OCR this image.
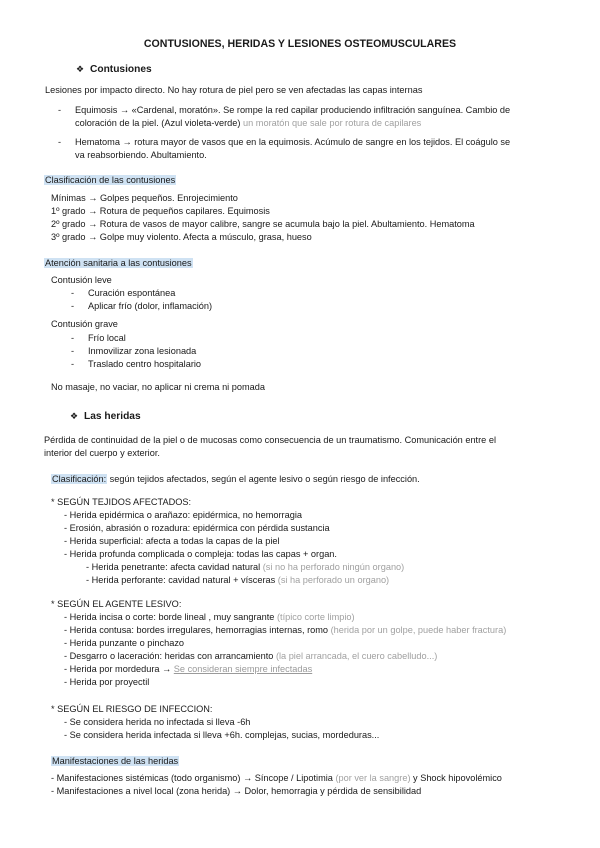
CONTUSIONES, HERIDAS Y LESIONES OSTEOMUSCULARES
❖ Contusiones
Lesiones por impacto directo. No hay rotura de piel pero se ven afectadas las capas internas
- Equimosis → «Cardenal, moratón». Se rompe la red capilar produciendo infiltración sanguínea. Cambio de
coloración de la piel. (Azul violeta-verde) un moratón que sale por rotura de capilares
- Hematoma → rotura mayor de vasos que en la equimosis. Acúmulo de sangre en los tejidos. El coágulo se
va reabsorbiendo. Abultamiento.
Clasificación de las contusiones
Mínimas → Golpes pequeños. Enrojecimiento
1º grado → Rotura de pequeños capilares. Equimosis
2º grado → Rotura de vasos de mayor calibre, sangre se acumula bajo la piel. Abultamiento. Hematoma
3º grado → Golpe muy violento. Afecta a músculo, grasa, hueso
Atención sanitaria a las contusiones
Contusión leve
- Curación espontánea
- Aplicar frío (dolor, inflamación)
Contusión grave
- Frío local
- Inmovilizar zona lesionada
- Traslado centro hospitalario
No masaje, no vaciar, no aplicar ni crema ni pomada
❖ Las heridas
Pérdida de continuidad de la piel o de mucosas como consecuencia de un traumatismo. Comunicación entre el
interior del cuerpo y exterior.
Clasificación: según tejidos afectados, según el agente lesivo o según riesgo de infección.
* SEGÚN TEJIDOS AFECTADOS:
- Herida epidérmica o arañazo: epidérmica, no hemorragia
- Erosión, abrasión o rozadura: epidérmica con pérdida sustancia
- Herida superficial: afecta a todas la capas de la piel
- Herida profunda complicada o compleja: todas las capas + organ.
- Herida penetrante: afecta cavidad natural (si no ha perforado ningún organo)
- Herida perforante: cavidad natural + vísceras (si ha perforado un organo)
* SEGÚN EL AGENTE LESIVO:
- Herida incisa o corte: borde lineal , muy sangrante (típico corte limpio)
- Herida contusa: bordes irregulares, hemorragias internas, romo (herida por un golpe, puede haber fractura)
- Herida punzante o pinchazo
- Desgarro o laceración: heridas con arrancamiento (la piel arrancada, el cuero cabelludo...)
- Herida por mordedura → Se consideran siempre infectadas
- Herida por proyectil
* SEGÚN EL RIESGO DE INFECCION:
- Se considera herida no infectada si lleva -6h
- Se considera herida infectada si lleva +6h. complejas, sucias, mordeduras...
Manifestaciones de las heridas
- Manifestaciones sistémicas (todo organismo) → Síncope / Lipotimia (por ver la sangre) y Shock hipovolémico
- Manifestaciones a nivel local (zona herida) → Dolor, hemorragia y pérdida de sensibilidad
